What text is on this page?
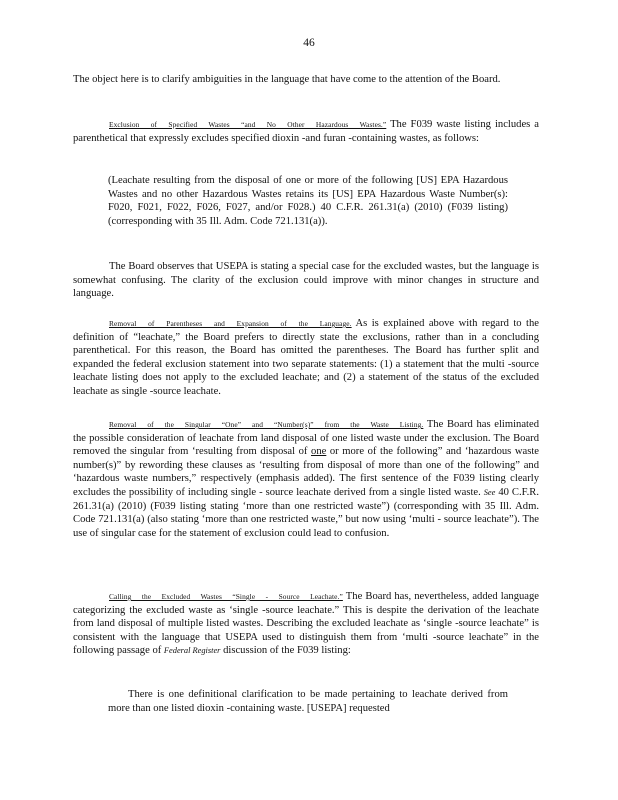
46
The object here is to clarify ambiguities in the language that have come to the attention of the Board.
Exclusion of Specified Wastes “and No Other Hazardous Wastes.” The F039 waste listing includes a parenthetical that expressly excludes specified dioxin -and furan -containing wastes, as follows:
(Leachate resulting from the disposal of one or more of the following [US] EPA Hazardous Wastes and no other Hazardous Wastes retains its [US] EPA Hazardous Waste Number(s): F020, F021, F022, F026, F027, and/or F028.) 40 C.F.R. 261.31(a) (2010) (F039 listing) (corresponding with 35 Ill. Adm. Code 721.131(a)).
The Board observes that USEPA is stating a special case for the excluded wastes, but the language is somewhat confusing. The clarity of the exclusion could improve with minor changes in structure and language.
Removal of Parentheses and Expansion of the Language. As is explained above with regard to the definition of “leachate,” the Board prefers to directly state the exclusions, rather than in a concluding parenthetical. For this reason, the Board has omitted the parentheses. The Board has further split and expanded the federal exclusion statement into two separate statements: (1) a statement that the multi -source leachate listing does not apply to the excluded leachate; and (2) a statement of the status of the excluded leachate as single -source leachate.
Removal of the Singular “One” and “Number(s)” from the Waste Listing. The Board has eliminated the possible consideration of leachate from land disposal of one listed waste under the exclusion. The Board removed the singular from ‘resulting from disposal of one or more of the following” and ‘hazardous waste number(s)” by rewording these clauses as ‘resulting from disposal of more than one of the following” and ‘hazardous waste numbers,” respectively (emphasis added). The first sentence of the F039 listing clearly excludes the possibility of including single - source leachate derived from a single listed waste. See 40 C.F.R. 261.31(a) (2010) (F039 listing stating ‘more than one restricted waste”) (corresponding with 35 Ill. Adm. Code 721.131(a) (also stating ‘more than one restricted waste,” but now using ‘multi - source leachate”). The use of singular case for the statement of exclusion could lead to confusion.
Calling the Excluded Wastes “Single - Source Leachate.” The Board has, nevertheless, added language categorizing the excluded waste as ‘single -source leachate.” This is despite the derivation of the leachate from land disposal of multiple listed wastes. Describing the excluded leachate as ‘single -source leachate” is consistent with the language that USEPA used to distinguish them from ‘multi -source leachate” in the following passage of Federal Register discussion of the F039 listing:
There is one definitional clarification to be made pertaining to leachate derived from more than one listed dioxin -containing waste. [USEPA] requested
